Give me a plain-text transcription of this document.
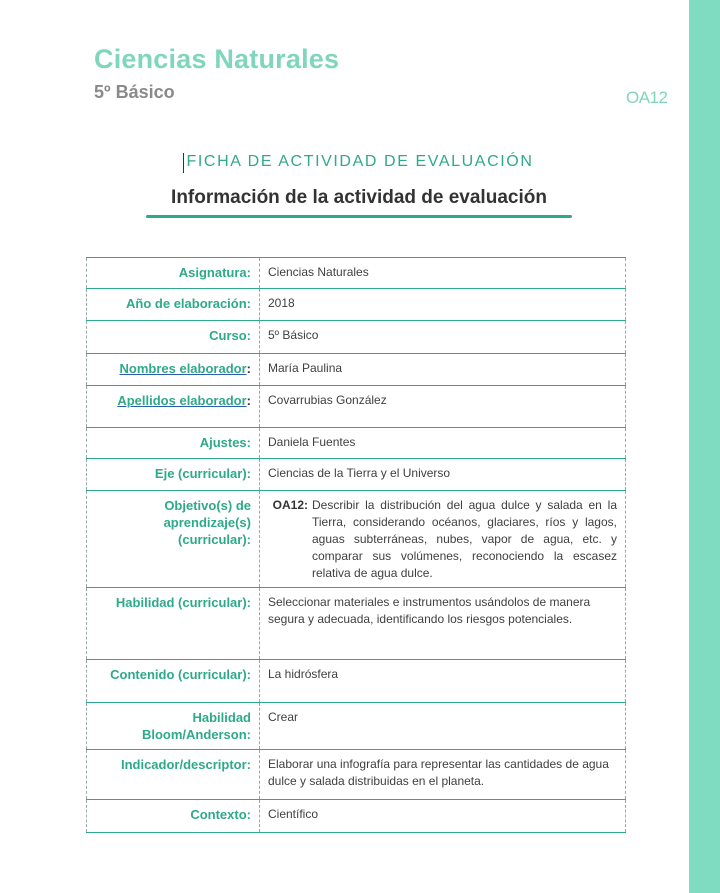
Ciencias Naturales
5º Básico	OA12
FICHA DE ACTIVIDAD DE EVALUACIÓN
Información de la actividad de evaluación
Asignatura:	Ciencias Naturales
Año de elaboración:	2018
Curso:	5º Básico
Nombres elaborador:	María Paulina
Apellidos elaborador:	Covarrubias González
Ajustes:	Daniela Fuentes
Eje (curricular):	Ciencias de la Tierra y el Universo
Objetivo(s) de aprendizaje(s) (curricular):	OA12: Describir la distribución del agua dulce y salada en la Tierra, considerando océanos, glaciares, ríos y lagos, aguas subterráneas, nubes, vapor de agua, etc. y comparar sus volúmenes, reconociendo la escasez relativa de agua dulce.

Habilidad (curricular):	Seleccionar materiales e instrumentos usándolos de manera segura y adecuada, identificando los riesgos potenciales.
Contenido (curricular):	La hidrósfera
Habilidad Bloom/Anderson:	Crear
Indicador/descriptor:	Elaborar una infografía para representar las cantidades de agua dulce y salada distribuidas en el planeta.
Contexto:	Científico
